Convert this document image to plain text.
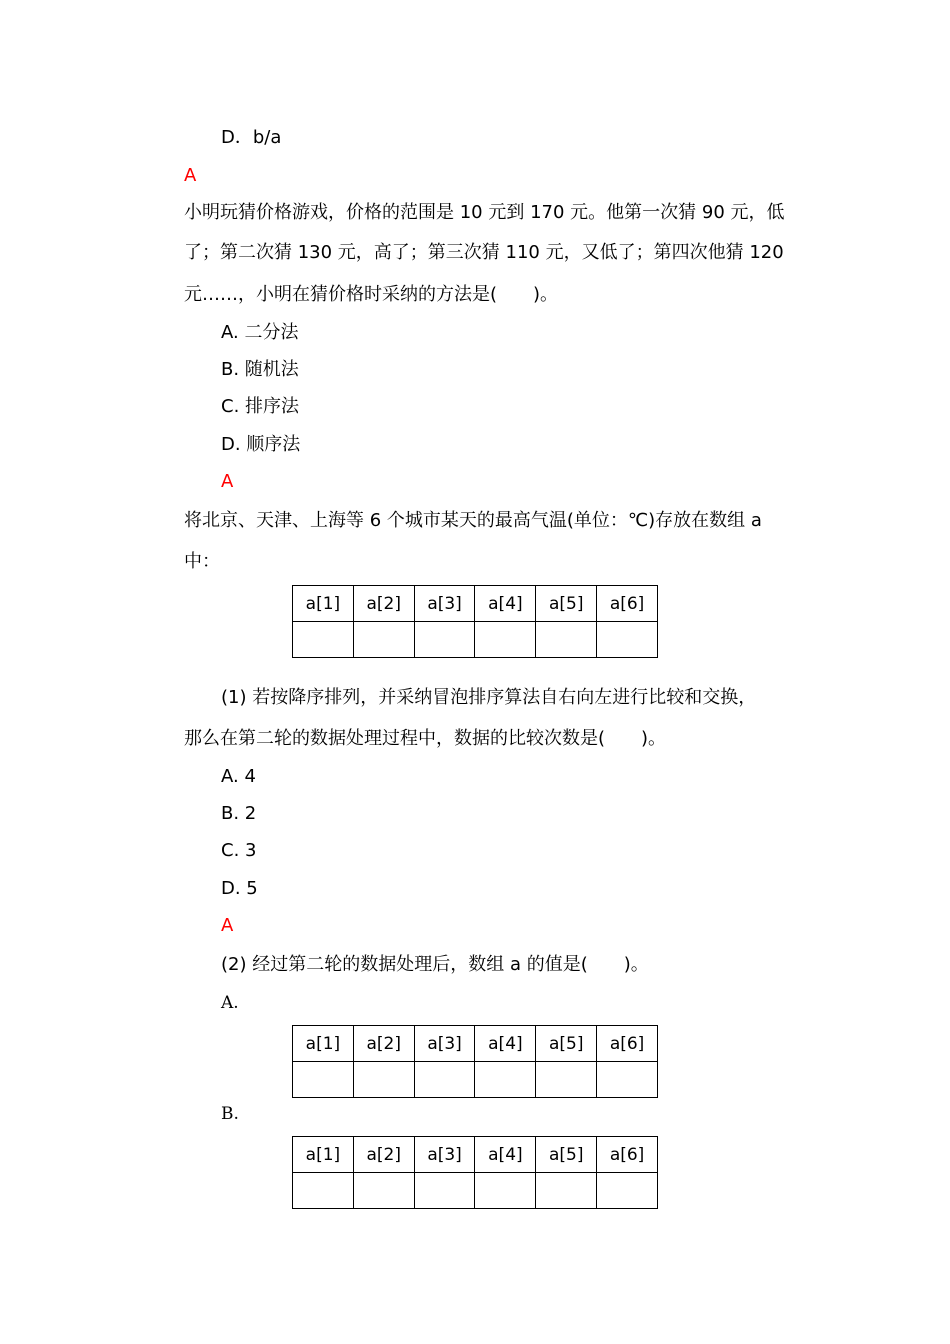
D．b/a
A
小明玩猜价格游戏，价格的范围是 10 元到 170 元。他第一次猜 90 元，低
了；第二次猜 130 元，高了；第三次猜 110 元，又低了；第四次他猜 120
元……，小明在猜价格时采纳的方法是(　　)。
A. 二分法
B. 随机法
C. 排序法
D. 顺序法
A
将北京、天津、上海等 6 个城市某天的最高气温(单位：℃)存放在数组 a
中：
a[1]	a[2]	a[3]	a[4]	a[5]	a[6]

(1) 若按降序排列，并采纳冒泡排序算法自右向左进行比较和交换，
那么在第二轮的数据处理过程中，数据的比较次数是(　　)。
A. 4
B. 2
C. 3
D. 5
A
(2) 经过第二轮的数据处理后，数组 a 的值是(　　)。
A.
a[1]	a[2]	a[3]	a[4]	a[5]	a[6]

B.
a[1]	a[2]	a[3]	a[4]	a[5]	a[6]
